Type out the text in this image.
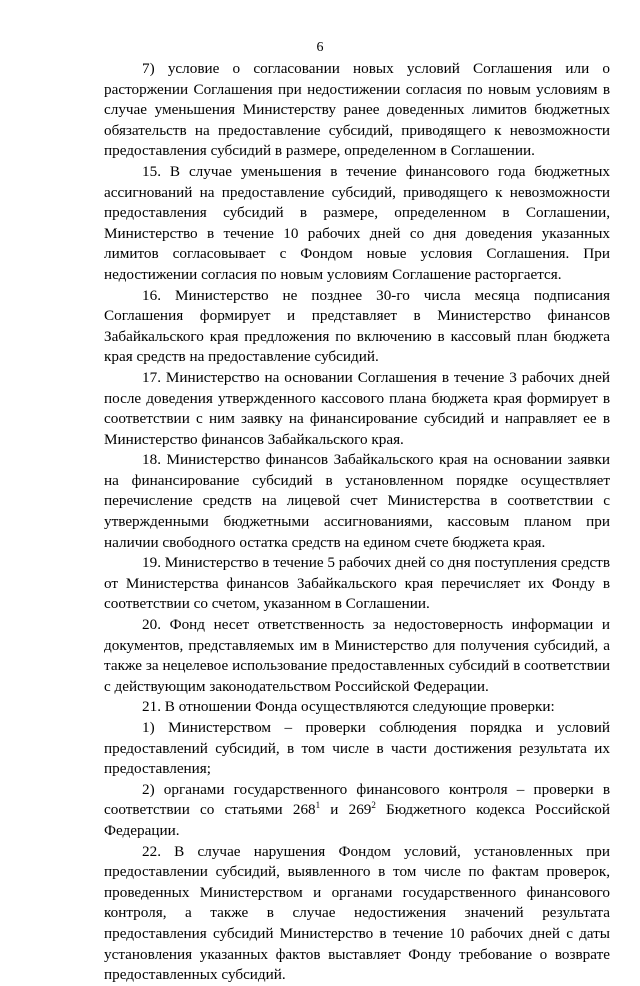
6

7) условие о согласовании новых условий Соглашения или о расторжении Соглашения при недостижении согласия по новым условиям в случае уменьшения Министерству ранее доведенных лимитов бюджетных обязательств на предоставление субсидий, приводящего к невозможности предоставления субсидий в размере, определенном в Соглашении.

15. В случае уменьшения в течение финансового года бюджетных ассигнований на предоставление субсидий, приводящего к невозможности предоставления субсидий в размере, определенном в Соглашении, Министерство в течение 10 рабочих дней со дня доведения указанных лимитов согласовывает с Фондом новые условия Соглашения. При недостижении согласия по новым условиям Соглашение расторгается.

16. Министерство не позднее 30-го числа месяца подписания Соглашения формирует и представляет в Министерство финансов Забайкальского края предложения по включению в кассовый план бюджета края средств на предоставление субсидий.

17. Министерство на основании Соглашения в течение 3 рабочих дней после доведения утвержденного кассового плана бюджета края формирует в соответствии с ним заявку на финансирование субсидий и направляет ее в Министерство финансов Забайкальского края.

18. Министерство финансов Забайкальского края на основании заявки на финансирование субсидий в установленном порядке осуществляет перечисление средств на лицевой счет Министерства в соответствии с утвержденными бюджетными ассигнованиями, кассовым планом при наличии свободного остатка средств на едином счете бюджета края.

19. Министерство в течение 5 рабочих дней со дня поступления средств от Министерства финансов Забайкальского края перечисляет их Фонду в соответствии со счетом, указанном в Соглашении.

20. Фонд несет ответственность за недостоверность информации и документов, представляемых им в Министерство для получения субсидий, а также за нецелевое использование предоставленных субсидий в соответствии с действующим законодательством Российской Федерации.

21. В отношении Фонда осуществляются следующие проверки:

1) Министерством – проверки соблюдения порядка и условий предоставлений субсидий, в том числе в части достижения результата их предоставления;

2) органами государственного финансового контроля – проверки в соответствии со статьями $268^1$ и $269^2$ Бюджетного кодекса Российской Федерации.

22. В случае нарушения Фондом условий, установленных при предоставлении субсидий, выявленного в том числе по фактам проверок, проведенных Министерством и органами государственного финансового контроля, а также в случае недостижения значений результата предоставления субсидий Министерство в течение 10 рабочих дней с даты установления указанных фактов выставляет Фонду требование о возврате предоставленных субсидий.
